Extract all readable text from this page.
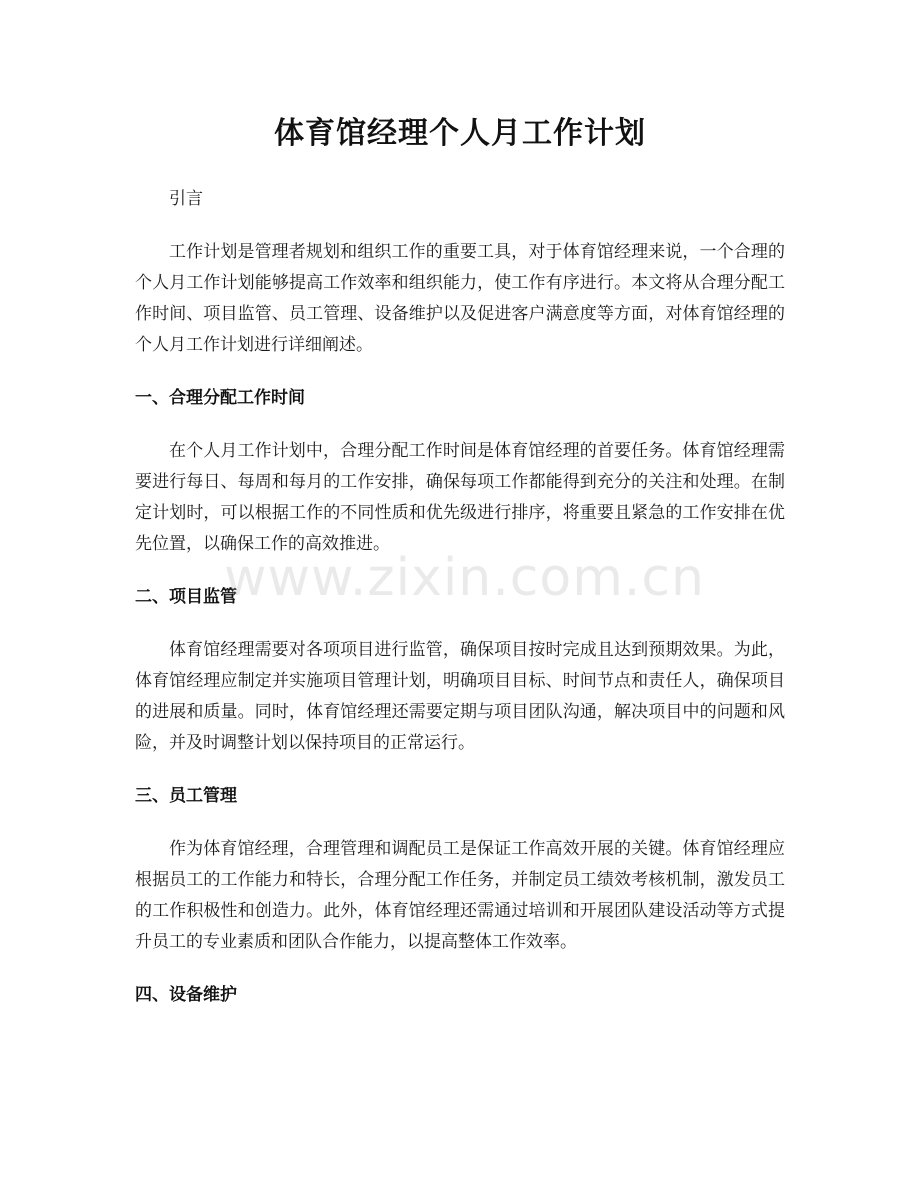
体育馆经理个人月工作计划

引言

工作计划是管理者规划和组织工作的重要工具，对于体育馆经理来说，一个合理的个人月工作计划能够提高工作效率和组织能力，使工作有序进行。本文将从合理分配工作时间、项目监管、员工管理、设备维护以及促进客户满意度等方面，对体育馆经理的个人月工作计划进行详细阐述。

一、合理分配工作时间

在个人月工作计划中，合理分配工作时间是体育馆经理的首要任务。体育馆经理需要进行每日、每周和每月的工作安排，确保每项工作都能得到充分的关注和处理。在制定计划时，可以根据工作的不同性质和优先级进行排序，将重要且紧急的工作安排在优先位置，以确保工作的高效推进。

二、项目监管

体育馆经理需要对各项项目进行监管，确保项目按时完成且达到预期效果。为此，体育馆经理应制定并实施项目管理计划，明确项目目标、时间节点和责任人，确保项目的进展和质量。同时，体育馆经理还需要定期与项目团队沟通，解决项目中的问题和风险，并及时调整计划以保持项目的正常运行。

三、员工管理

作为体育馆经理，合理管理和调配员工是保证工作高效开展的关键。体育馆经理应根据员工的工作能力和特长，合理分配工作任务，并制定员工绩效考核机制，激发员工的工作积极性和创造力。此外，体育馆经理还需通过培训和开展团队建设活动等方式提升员工的专业素质和团队合作能力，以提高整体工作效率。

四、设备维护
www.zixin.com.cn
